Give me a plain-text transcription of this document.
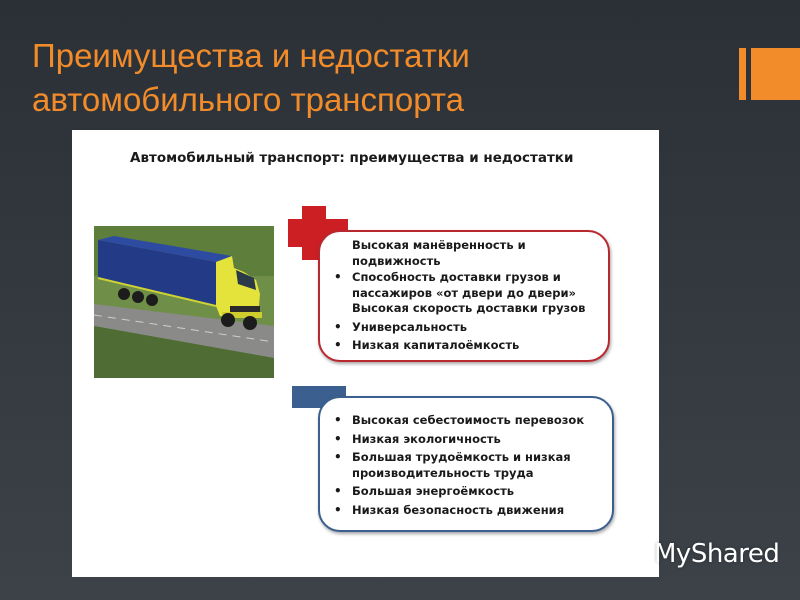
Преимущества и недостатки
автомобильного транспорта
Автомобильный транспорт: преимущества и недостатки
Высокая манёвренность и подвижность
• Способность доставки грузов и пассажиров «от двери до двери» Высокая скорость доставки грузов
• Универсальность
• Низкая капиталоёмкость
• Высокая себестоимость перевозок
• Низкая экологичность
• Большая трудоёмкость и низкая производительность труда
• Большая энергоёмкость
• Низкая безопасность движения
MyShared
